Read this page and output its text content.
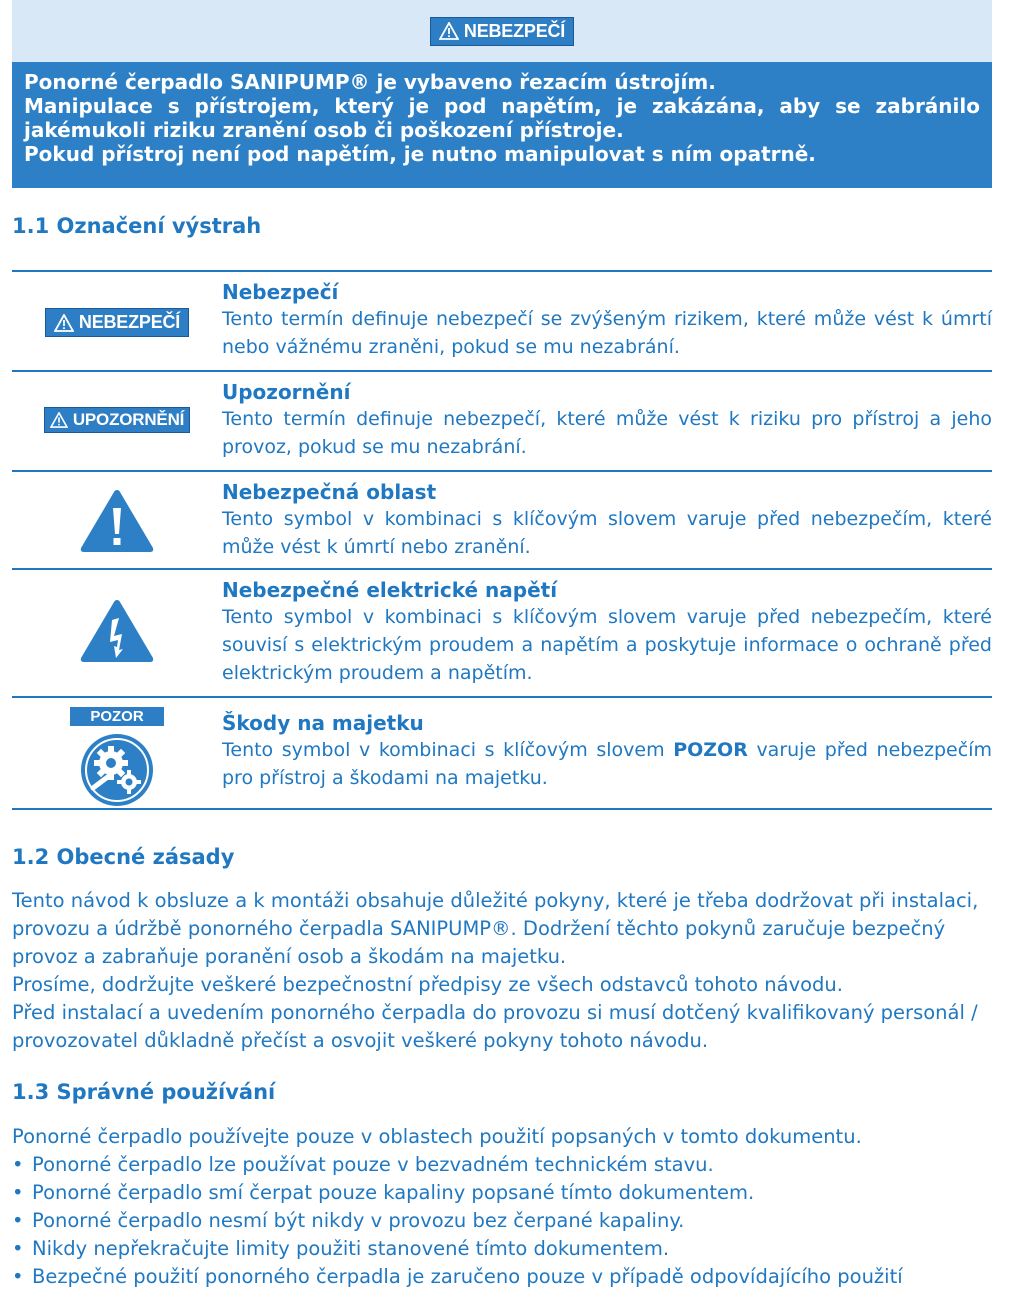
NEBEZPEČÍ

Ponorné čerpadlo SANIPUMP® je vybaveno řezacím ústrojím.

Manipulace s přístrojem, který je pod napětím, je zakázána, aby se zabránilo jakémukoli riziku zranění osob či poškození přístroje.

Pokud přístroj není pod napětím, je nutno manipulovat s ním opatrně.

1.1 Označení výstrah
NEBEZPEČÍ

Nebezpečí

Tento termín definuje nebezpečí se zvýšeným rizikem, které může vést k úmrtí nebo vážnému zraněni, pokud se mu nezabrání.

UPOZORNĚNÍ

Upozornění

Tento termín definuje nebezpečí, které může vést k riziku pro přístroj a jeho provoz, pokud se mu nezabrání.

Nebezpečná oblast

Tento symbol v kombinaci s klíčovým slovem varuje před nebezpečím, které může vést k úmrtí nebo zranění.

Nebezpečné elektrické napětí

Tento symbol v kombinaci s klíčovým slovem varuje před nebezpečím, které souvisí s elektrickým proudem a napětím a poskytuje informace o ochraně před elektrickým proudem a napětím.

POZOR	Škody na majetku

Tento symbol v kombinaci s klíčovým slovem POZOR varuje před nebezpečím pro přístroj a škodami na majetku.

1.2 Obecné zásady

Tento návod k obsluze a k montáži obsahuje důležité pokyny, které je třeba dodržovat při instalaci, provozu a údržbě ponorného čerpadla SANIPUMP®. Dodržení těchto pokynů zaručuje bezpečný provoz a zabraňuje poranění osob a škodám na majetku.

Prosíme, dodržujte veškeré bezpečnostní předpisy ze všech odstavců tohoto návodu.

Před instalací a uvedením ponorného čerpadla do provozu si musí dotčený kvalifikovaný personál / provozovatel důkladně přečíst a osvojit veškeré pokyny tohoto návodu.

1.3 Správné používání

Ponorné čerpadlo používejte pouze v oblastech použití popsaných v tomto dokumentu.

• Ponorné čerpadlo lze používat pouze v bezvadném technickém stavu.
• Ponorné čerpadlo smí čerpat pouze kapaliny popsané tímto dokumentem.
• Ponorné čerpadlo nesmí být nikdy v provozu bez čerpané kapaliny.
• Nikdy nepřekračujte limity použiti stanovené tímto dokumentem.
• Bezpečné použití ponorného čerpadla je zaručeno pouze v případě odpovídajícího použití
